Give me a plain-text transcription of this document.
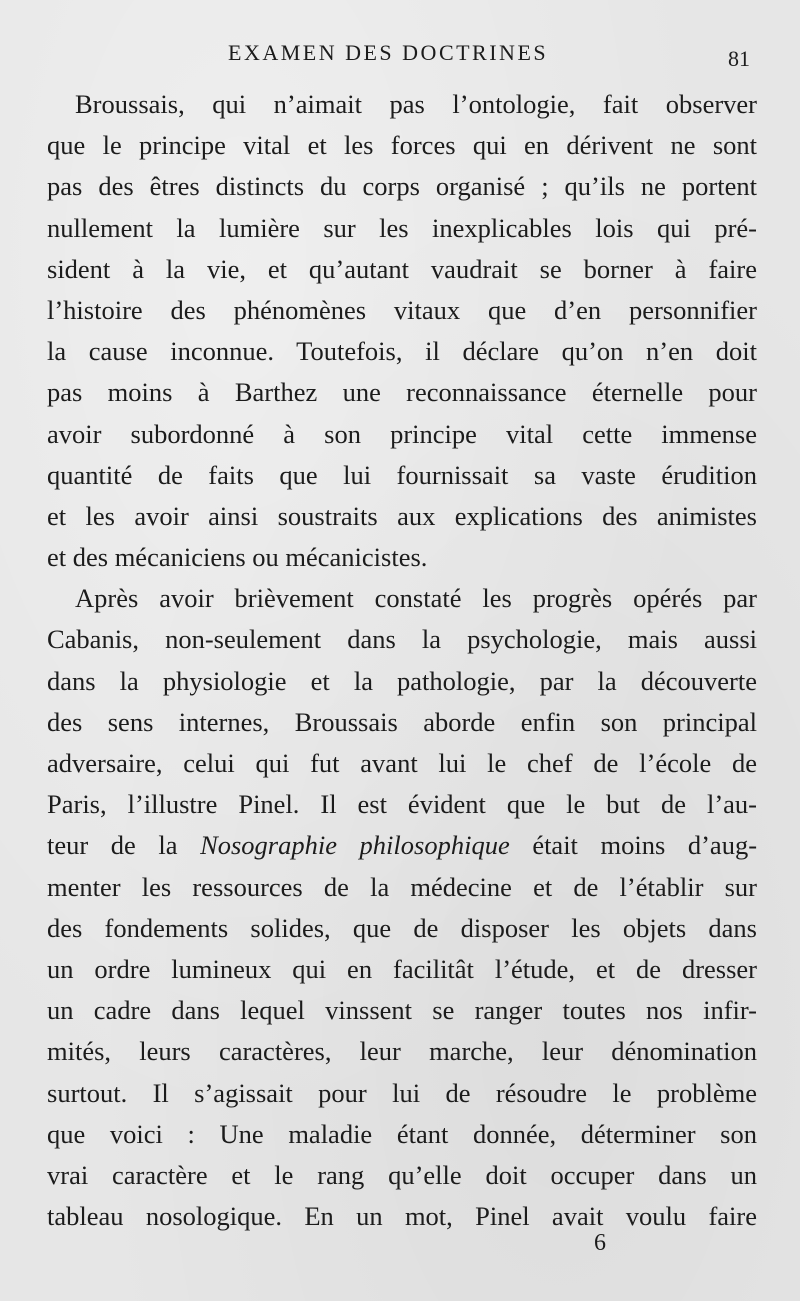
EXAMEN DES DOCTRINES	81
Broussais, qui n’aimait pas l’ontologie, fait observer
que le principe vital et les forces qui en dérivent ne sont
pas des êtres distincts du corps organisé ; qu’ils ne portent
nullement la lumière sur les inexplicables lois qui pré-
sident à la vie, et qu’autant vaudrait se borner à faire
l’histoire des phénomènes vitaux que d’en personnifier
la cause inconnue. Toutefois, il déclare qu’on n’en doit
pas moins à Barthez une reconnaissance éternelle pour
avoir subordonné à son principe vital cette immense
quantité de faits que lui fournissait sa vaste érudition
et les avoir ainsi soustraits aux explications des animistes
et des mécaniciens ou mécanicistes.
Après avoir brièvement constaté les progrès opérés par
Cabanis, non-seulement dans la psychologie, mais aussi
dans la physiologie et la pathologie, par la découverte
des sens internes, Broussais aborde enfin son principal
adversaire, celui qui fut avant lui le chef de l’école de
Paris, l’illustre Pinel. Il est évident que le but de l’au-
teur de la Nosographie philosophique était moins d’aug-
menter les ressources de la médecine et de l’établir sur
des fondements solides, que de disposer les objets dans
un ordre lumineux qui en facilitât l’étude, et de dresser
un cadre dans lequel vinssent se ranger toutes nos infir-
mités, leurs caractères, leur marche, leur dénomination
surtout. Il s’agissait pour lui de résoudre le problème
que voici : Une maladie étant donnée, déterminer son
vrai caractère et le rang qu’elle doit occuper dans un
tableau nosologique. En un mot, Pinel avait voulu faire
6
